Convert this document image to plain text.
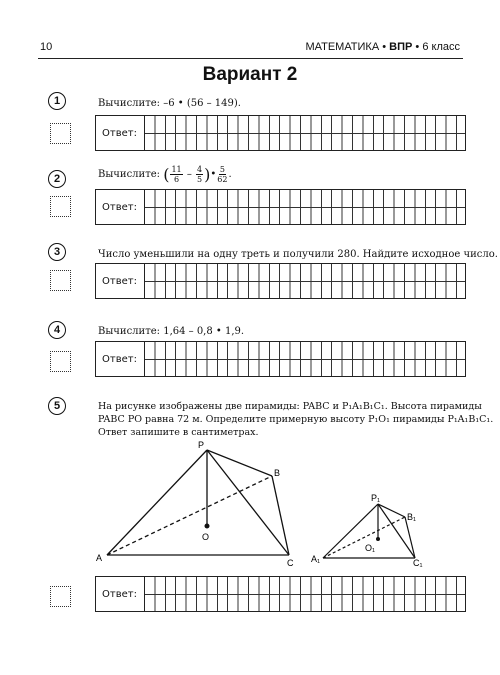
10	МАТЕМАТИКА • ВПР • 6 класс
Вариант 2
1	Вычислите: –6 • (56 – 149).
Ответ:
2	Вычислите: ( $\frac{11}{6} - \frac{4}{5}$ )• $\frac{5}{62}$ .
Ответ:
3	Число уменьшили на одну треть и получили 280. Найдите исходное число.
Ответ:
4	Вычислите: 1,64 – 0,8 • 1,9.
Ответ:
5	На рисунке изображены две пирамиды: PABC и P₁A₁B₁C₁. Высота пирамиды
PABC PO равна 72 м. Определите примерную высоту P₁O₁ пирамиды P₁A₁B₁C₁.
Ответ запишите в сантиметрах.
P
A
B
C
O
P₁
A₁
B₁
C₁
O₁
Ответ:
